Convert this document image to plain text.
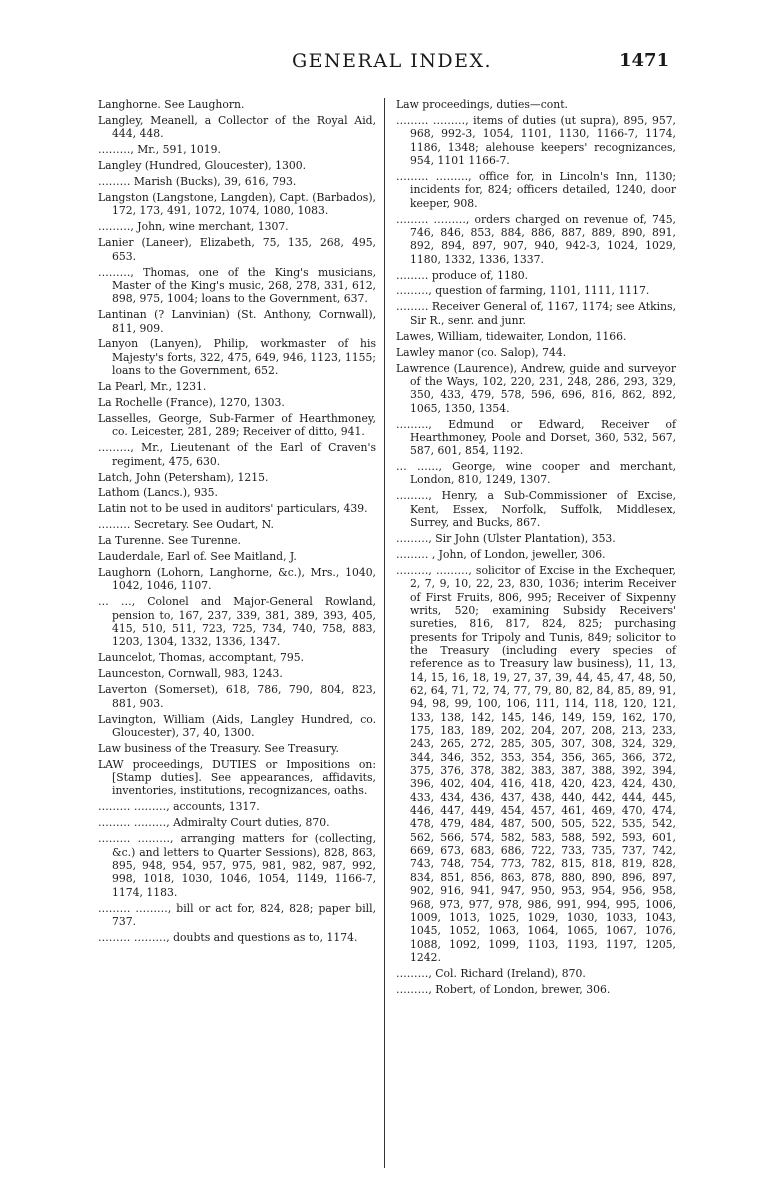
GENERAL INDEX.	1471

Langhorne. See Laughorn.

Langley, Meanell, a Collector of the Royal Aid, 444, 448.

………, Mr., 591, 1019.

Langley (Hundred, Gloucester), 1300.

……… Marish (Bucks), 39, 616, 793.

Langston (Langstone, Langden), Capt. (Barbados), 172, 173, 491, 1072, 1074, 1080, 1083.

………, John, wine merchant, 1307.

Lanier (Laneer), Elizabeth, 75, 135, 268, 495, 653.

………, Thomas, one of the King's musicians, Master of the King's music, 268, 278, 331, 612, 898, 975, 1004; loans to the Government, 637.

Lantinan (? Lanvinian) (St. Anthony, Cornwall), 811, 909.

Lanyon (Lanyen), Philip, workmaster of his Majesty's forts, 322, 475, 649, 946, 1123, 1155; loans to the Government, 652.

La Pearl, Mr., 1231.

La Rochelle (France), 1270, 1303.

Lasselles, George, Sub-Farmer of Hearthmoney, co. Leicester, 281, 289; Receiver of ditto, 941.

………, Mr., Lieutenant of the Earl of Craven's regiment, 475, 630.

Latch, John (Petersham), 1215.

Lathom (Lancs.), 935.

Latin not to be used in auditors' particulars, 439.

……… Secretary. See Oudart, N.

La Turenne. See Turenne.

Lauderdale, Earl of. See Maitland, J.

Laughorn (Lohorn, Langhorne, &c.), Mrs., 1040, 1042, 1046, 1107.

… …, Colonel and Major-General Rowland, pension to, 167, 237, 339, 381, 389, 393, 405, 415, 510, 511, 723, 725, 734, 740, 758, 883, 1203, 1304, 1332, 1336, 1347.

Launcelot, Thomas, accomptant, 795.

Launceston, Cornwall, 983, 1243.

Laverton (Somerset), 618, 786, 790, 804, 823, 881, 903.

Lavington, William (Aids, Langley Hundred, co. Gloucester), 37, 40, 1300.

Law business of the Treasury. See Treasury.

LAW proceedings, DUTIES or Impositions on: [Stamp duties]. See appearances, affidavits, inventories, institutions, recognizances, oaths.

……… ………, accounts, 1317.

……… ………, Admiralty Court duties, 870.

……… ………, arranging matters for (collecting, &c.) and letters to Quarter Sessions), 828, 863, 895, 948, 954, 957, 975, 981, 982, 987, 992, 998, 1018, 1030, 1046, 1054, 1149, 1166-7, 1174, 1183.

……… ………, bill or act for, 824, 828; paper bill, 737.

……… ………, doubts and questions as to, 1174.

Law proceedings, duties—cont.

……… ………, items of duties (ut supra), 895, 957, 968, 992-3, 1054, 1101, 1130, 1166-7, 1174, 1186, 1348; alehouse keepers' recognizances, 954, 1101 1166-7.

……… ………, office for, in Lincoln's Inn, 1130; incidents for, 824; officers detailed, 1240, door keeper, 908.

……… ………, orders charged on revenue of, 745, 746, 846, 853, 884, 886, 887, 889, 890, 891, 892, 894, 897, 907, 940, 942-3, 1024, 1029, 1180, 1332, 1336, 1337.

……… produce of, 1180.

………, question of farming, 1101, 1111, 1117.

……… Receiver General of, 1167, 1174; see Atkins, Sir R., senr. and junr.

Lawes, William, tidewaiter, London, 1166.

Lawley manor (co. Salop), 744.

Lawrence (Laurence), Andrew, guide and surveyor of the Ways, 102, 220, 231, 248, 286, 293, 329, 350, 433, 479, 578, 596, 696, 816, 862, 892, 1065, 1350, 1354.

………, Edmund or Edward, Receiver of Hearthmoney, Poole and Dorset, 360, 532, 567, 587, 601, 854, 1192.

… ……, George, wine cooper and merchant, London, 810, 1249, 1307.

………, Henry, a Sub-Commissioner of Excise, Kent, Essex, Norfolk, Suffolk, Middlesex, Surrey, and Bucks, 867.

………, Sir John (Ulster Plantation), 353.

……… , John, of London, jeweller, 306.

………, ………, solicitor of Excise in the Exchequer, 2, 7, 9, 10, 22, 23, 830, 1036; interim Receiver of First Fruits, 806, 995; Receiver of Sixpenny writs, 520; examining Subsidy Receivers' sureties, 816, 817, 824, 825; purchasing presents for Tripoly and Tunis, 849; solicitor to the Treasury (including every species of reference as to Treasury law business), 11, 13, 14, 15, 16, 18, 19, 27, 37, 39, 44, 45, 47, 48, 50, 62, 64, 71, 72, 74, 77, 79, 80, 82, 84, 85, 89, 91, 94, 98, 99, 100, 106, 111, 114, 118, 120, 121, 133, 138, 142, 145, 146, 149, 159, 162, 170, 175, 183, 189, 202, 204, 207, 208, 213, 233, 243, 265, 272, 285, 305, 307, 308, 324, 329, 344, 346, 352, 353, 354, 356, 365, 366, 372, 375, 376, 378, 382, 383, 387, 388, 392, 394, 396, 402, 404, 416, 418, 420, 423, 424, 430, 433, 434, 436, 437, 438, 440, 442, 444, 445, 446, 447, 449, 454, 457, 461, 469, 470, 474, 478, 479, 484, 487, 500, 505, 522, 535, 542, 562, 566, 574, 582, 583, 588, 592, 593, 601, 669, 673, 683, 686, 722, 733, 735, 737, 742, 743, 748, 754, 773, 782, 815, 818, 819, 828, 834, 851, 856, 863, 878, 880, 890, 896, 897, 902, 916, 941, 947, 950, 953, 954, 956, 958, 968, 973, 977, 978, 986, 991, 994, 995, 1006, 1009, 1013, 1025, 1029, 1030, 1033, 1043, 1045, 1052, 1063, 1064, 1065, 1067, 1076, 1088, 1092, 1099, 1103, 1193, 1197, 1205, 1242.

………, Col. Richard (Ireland), 870.

………, Robert, of London, brewer, 306.
